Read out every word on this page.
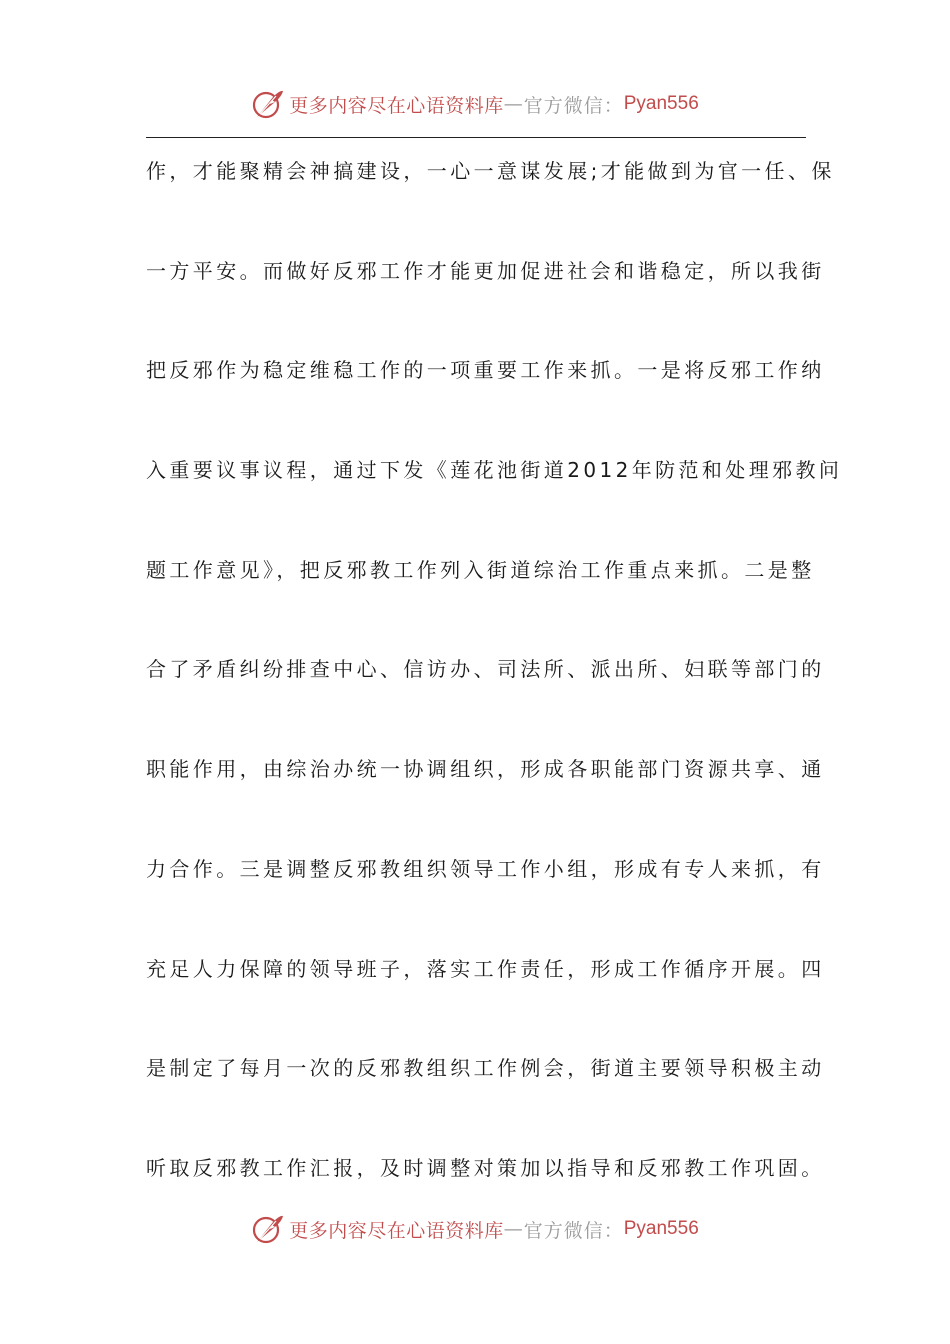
更多内容尽在心语资料库 — 官方微信： Pyan556
作，才能聚精会神搞建设，一心一意谋发展;才能做到为官一任、保
一方平安。而做好反邪工作才能更加促进社会和谐稳定，所以我街
把反邪作为稳定维稳工作的一项重要工作来抓。一是将反邪工作纳
入重要议事议程，通过下发《莲花池街道2012年防范和处理邪教问
题工作意见》，把反邪教工作列入街道综治工作重点来抓。二是整
合了矛盾纠纷排查中心、信访办、司法所、派出所、妇联等部门的
职能作用，由综治办统一协调组织，形成各职能部门资源共享、通
力合作。三是调整反邪教组织领导工作小组，形成有专人来抓，有
充足人力保障的领导班子，落实工作责任，形成工作循序开展。四
是制定了每月一次的反邪教组织工作例会，街道主要领导积极主动
听取反邪教工作汇报，及时调整对策加以指导和反邪教工作巩固。
更多内容尽在心语资料库 — 官方微信： Pyan556
